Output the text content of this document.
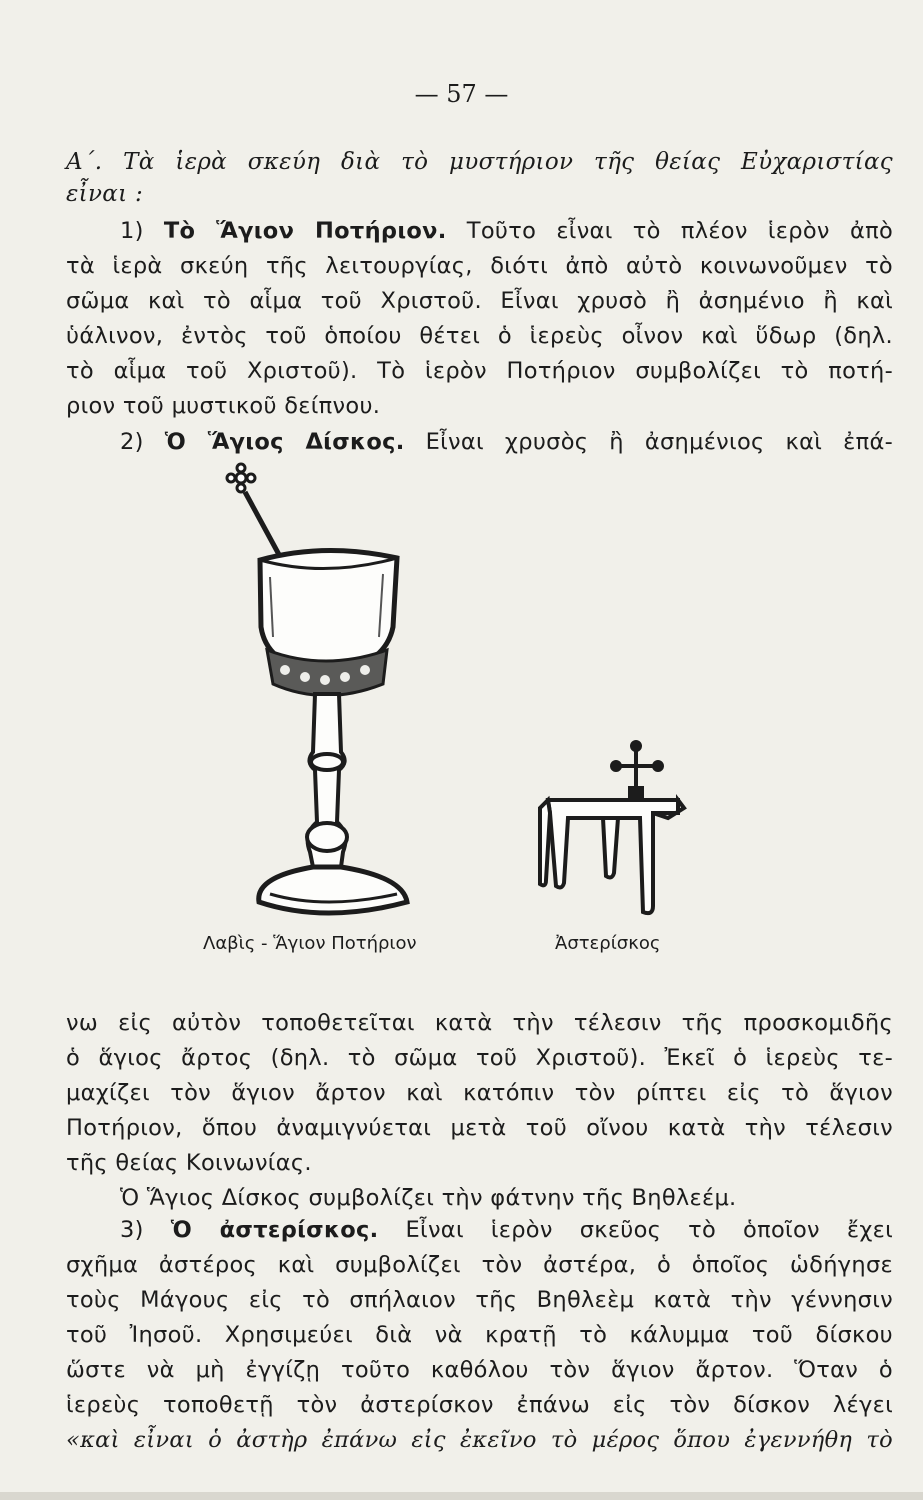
— 57 —
Α΄. Τὰ ἱερὰ σκεύη διὰ τὸ μυστήριον τῆς θείας Εὐχαριστίας
εἶναι :
1) Τὸ Ἅγιον Ποτήριον. Τοῦτο εἶναι τὸ πλέον ἱερὸν ἀπὸ
τὰ ἱερὰ σκεύη τῆς λειτουργίας, διότι ἀπὸ αὐτὸ κοινωνοῦμεν τὸ
σῶμα καὶ τὸ αἷμα τοῦ Χριστοῦ. Εἶναι χρυσὸ ἢ ἀσημένιο ἢ καὶ
ὑάλινον, ἐντὸς τοῦ ὁποίου θέτει ὁ ἱερεὺς οἶνον καὶ ὕδωρ (δηλ.
τὸ αἷμα τοῦ Χριστοῦ). Τὸ ἱερὸν Ποτήριον συμβολίζει τὸ ποτή-
ριον τοῦ μυστικοῦ δείπνου.
2) Ὁ Ἅγιος Δίσκος. Εἶναι χρυσὸς ἢ ἀσημένιος καὶ ἐπά-
Λαβὶς - Ἅγιον Ποτήριον	Ἀστερίσκος
νω εἰς αὐτὸν τοποθετεῖται κατὰ τὴν τέλεσιν τῆς προσκομιδῆς
ὁ ἅγιος ἄρτος (δηλ. τὸ σῶμα τοῦ Χριστοῦ). Ἐκεῖ ὁ ἱερεὺς τε-
μαχίζει τὸν ἅγιον ἄρτον καὶ κατόπιν τὸν ρίπτει εἰς τὸ ἅγιον
Ποτήριον, ὅπου ἀναμιγνύεται μετὰ τοῦ οἴνου κατὰ τὴν τέλεσιν
τῆς θείας Κοινωνίας.
Ὁ Ἅγιος Δίσκος συμβολίζει τὴν φάτνην τῆς Βηθλεέμ.
3) Ὁ ἀστερίσκος. Εἶναι ἱερὸν σκεῦος τὸ ὁποῖον ἔχει
σχῆμα ἀστέρος καὶ συμβολίζει τὸν ἀστέρα, ὁ ὁποῖος ὡδήγησε
τοὺς Μάγους εἰς τὸ σπήλαιον τῆς Βηθλεὲμ κατὰ τὴν γέννησιν
τοῦ Ἰησοῦ. Χρησιμεύει διὰ νὰ κρατῇ τὸ κάλυμμα τοῦ δίσκου
ὥστε νὰ μὴ ἐγγίζῃ τοῦτο καθόλου τὸν ἅγιον ἄρτον. Ὅταν ὁ
ἱερεὺς τοποθετῇ τὸν ἀστερίσκον ἐπάνω εἰς τὸν δίσκον λέγει
«καὶ εἶναι ὁ ἀστὴρ ἐπάνω εἰς ἐκεῖνο τὸ μέρος ὅπου ἐγεννήθη τὸ
